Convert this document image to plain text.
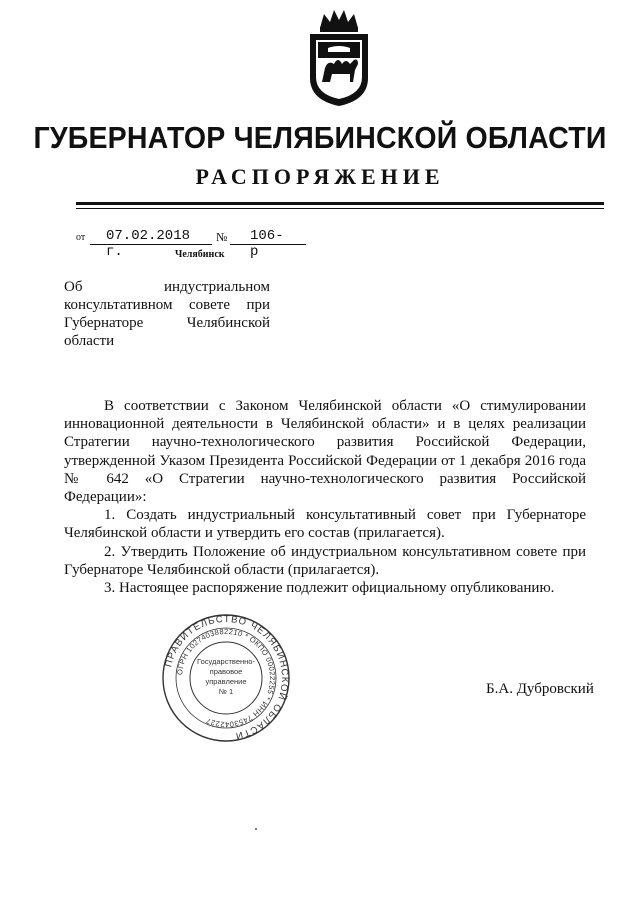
ГУБЕРНАТОР ЧЕЛЯБИНСКОЙ ОБЛАСТИ
РАСПОРЯЖЕНИЕ
от 07.02.2018 г.
№ 106-р
Челябинск
Об индустриальном консультативном совете при Губернаторе Челябинской области

В соответствии с Законом Челябинской области «О стимулировании инновационной деятельности в Челябинской области» и в целях реализации Стратегии научно-технологического развития Российской Федерации, утвержденной Указом Президента Российской Федерации от 1 декабря 2016 года № 642 «О Стратегии научно-технологического развития Российской Федерации»:

1. Создать индустриальный консультативный совет при Губернаторе Челябинской области и утвердить его состав (прилагается).

2. Утвердить Положение об индустриальном консультативном совете при Губернаторе Челябинской области (прилагается).

3. Настоящее распоряжение подлежит официальному опубликованию.

ПРАВИТЕЛЬСТВО ЧЕЛЯБИНСКОЙ ОБЛАСТИ
ОГРН 1027403882210 * ОКПО 00022255 * ИНН 7453042227
Государственно-
правовое
управление
№ 1	Б.А. Дубровский
